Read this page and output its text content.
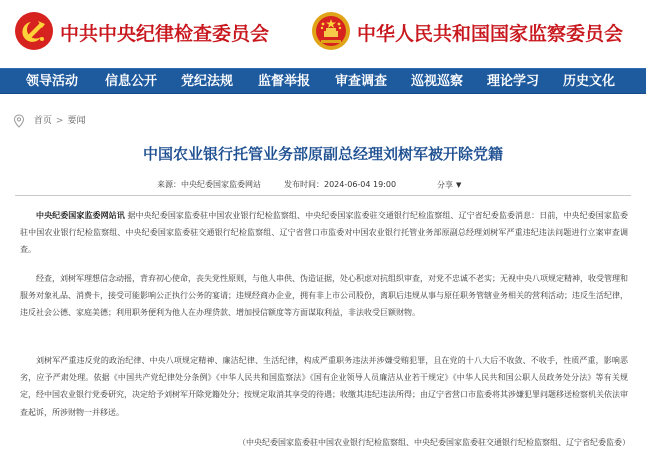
中共中央纪律检查委员会	中华人民共和国国家监察委员会
领导活动 信息公开 党纪法规 监督举报 审查调查 巡视巡察 理论学习 历史文化
首页 > 要闻
中国农业银行托管业务部原副总经理刘树军被开除党籍
来源：中央纪委国家监委网站	发布时间：2024-06-04 19:00	分享 ▼

中央纪委国家监委网站讯 据中央纪委国家监委驻中国农业银行纪检监察组、中央纪委国家监委驻交通银行纪检监察组、辽宁省纪委监委消息：日前，中央纪委国家监委驻中国农业银行纪检监察组、中央纪委国家监委驻交通银行纪检监察组、辽宁省营口市监委对中国农业银行托管业务部原副总经理刘树军严重违纪违法问题进行立案审查调查。

经查，刘树军理想信念动摇，背弃初心使命，丧失党性原则，与他人串供、伪造证据，处心积虑对抗组织审查，对党不忠诚不老实；无视中央八项规定精神，收受管理和服务对象礼品、消费卡，接受可能影响公正执行公务的宴请；违规经商办企业，拥有非上市公司股份，离职后违规从事与原任职务管辖业务相关的营利活动；违反生活纪律，违反社会公德、家庭美德；利用职务便利为他人在办理贷款、增加授信额度等方面谋取利益，非法收受巨额财物。

刘树军严重违反党的政治纪律、中央八项规定精神、廉洁纪律、生活纪律，构成严重职务违法并涉嫌受贿犯罪，且在党的十八大后不收敛、不收手，性质严重，影响恶劣，应予严肃处理。依据《中国共产党纪律处分条例》《中华人民共和国监察法》《国有企业领导人员廉洁从业若干规定》《中华人民共和国公职人员政务处分法》等有关规定，经中国农业银行党委研究，决定给予刘树军开除党籍处分；按规定取消其享受的待遇；收缴其违纪违法所得；由辽宁省营口市监委将其涉嫌犯罪问题移送检察机关依法审查起诉，所涉财物一并移送。

（中央纪委国家监委驻中国农业银行纪检监察组、中央纪委国家监委驻交通银行纪检监察组、辽宁省纪委监委）
